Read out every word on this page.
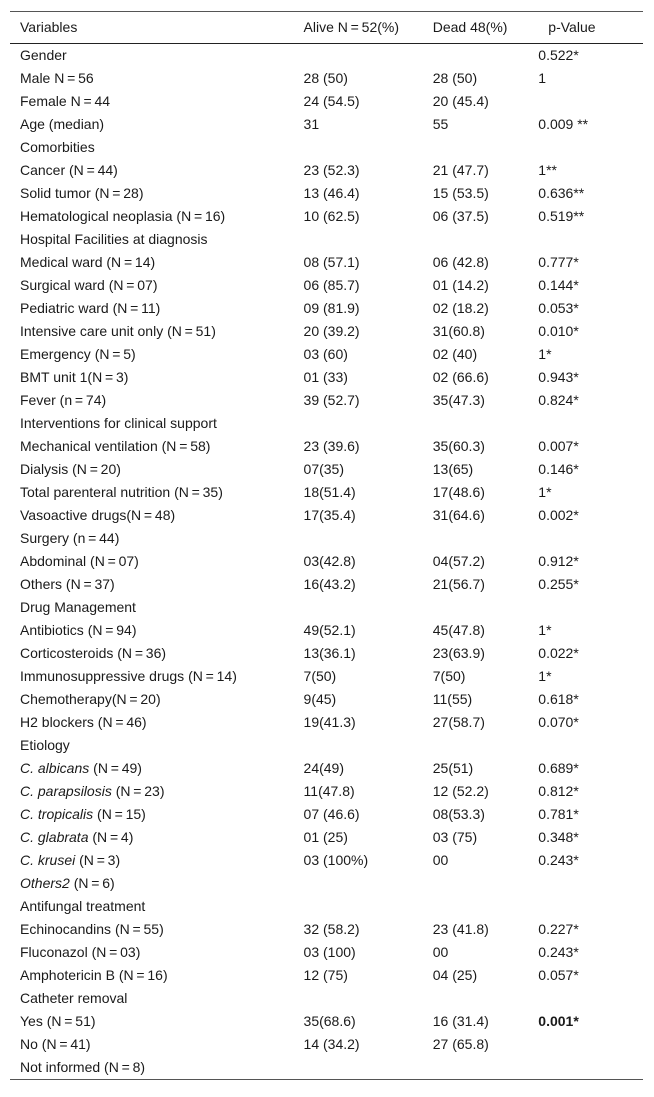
Variables	Alive N = 52(%)	Dead 48(%)	p-Value
Gender			0.522*
Male N = 56	28 (50)	28 (50)	1
Female N = 44	24 (54.5)	20 (45.4)	
Age (median)	31	55	0.009 **
Comorbities			
Cancer (N = 44)	23 (52.3)	21 (47.7)	1**
Solid tumor (N = 28)	13 (46.4)	15 (53.5)	0.636**
Hematological neoplasia (N = 16)	10 (62.5)	06 (37.5)	0.519**
Hospital Facilities at diagnosis			
Medical ward (N = 14)	08 (57.1)	06 (42.8)	0.777*
Surgical ward (N = 07)	06 (85.7)	01 (14.2)	0.144*
Pediatric ward (N = 11)	09 (81.9)	02 (18.2)	0.053*
Intensive care unit only (N = 51)	20 (39.2)	31(60.8)	0.010*
Emergency (N = 5)	03 (60)	02 (40)	1*
BMT unit 1(N = 3)	01 (33)	02 (66.6)	0.943*
Fever (n = 74)	39 (52.7)	35(47.3)	0.824*
Interventions for clinical support			
Mechanical ventilation (N = 58)	23 (39.6)	35(60.3)	0.007*
Dialysis (N = 20)	07(35)	13(65)	0.146*
Total parenteral nutrition (N = 35)	18(51.4)	17(48.6)	1*
Vasoactive drugs(N = 48)	17(35.4)	31(64.6)	0.002*
Surgery (n = 44)			
Abdominal (N = 07)	03(42.8)	04(57.2)	0.912*
Others (N = 37)	16(43.2)	21(56.7)	0.255*
Drug Management			
Antibiotics (N = 94)	49(52.1)	45(47.8)	1*
Corticosteroids (N = 36)	13(36.1)	23(63.9)	0.022*
Immunosuppressive drugs (N = 14)	7(50)	7(50)	1*
Chemotherapy(N = 20)	9(45)	11(55)	0.618*
H2 blockers (N = 46)	19(41.3)	27(58.7)	0.070*
Etiology			
C. albicans (N = 49)	24(49)	25(51)	0.689*
C. parapsilosis (N = 23)	11(47.8)	12 (52.2)	0.812*
C. tropicalis (N = 15)	07 (46.6)	08(53.3)	0.781*
C. glabrata (N = 4)	01 (25)	03 (75)	0.348*
C. krusei (N = 3)	03 (100%)	00	0.243*
Others2 (N = 6)			
Antifungal treatment			
Echinocandins (N = 55)	32 (58.2)	23 (41.8)	0.227*
Fluconazol (N = 03)	03 (100)	00	0.243*
Amphotericin B (N = 16)	12 (75)	04 (25)	0.057*
Catheter removal			
Yes (N = 51)	35(68.6)	16 (31.4)	0.001*
No (N = 41)	14 (34.2)	27 (65.8)	
Not informed (N = 8)			
